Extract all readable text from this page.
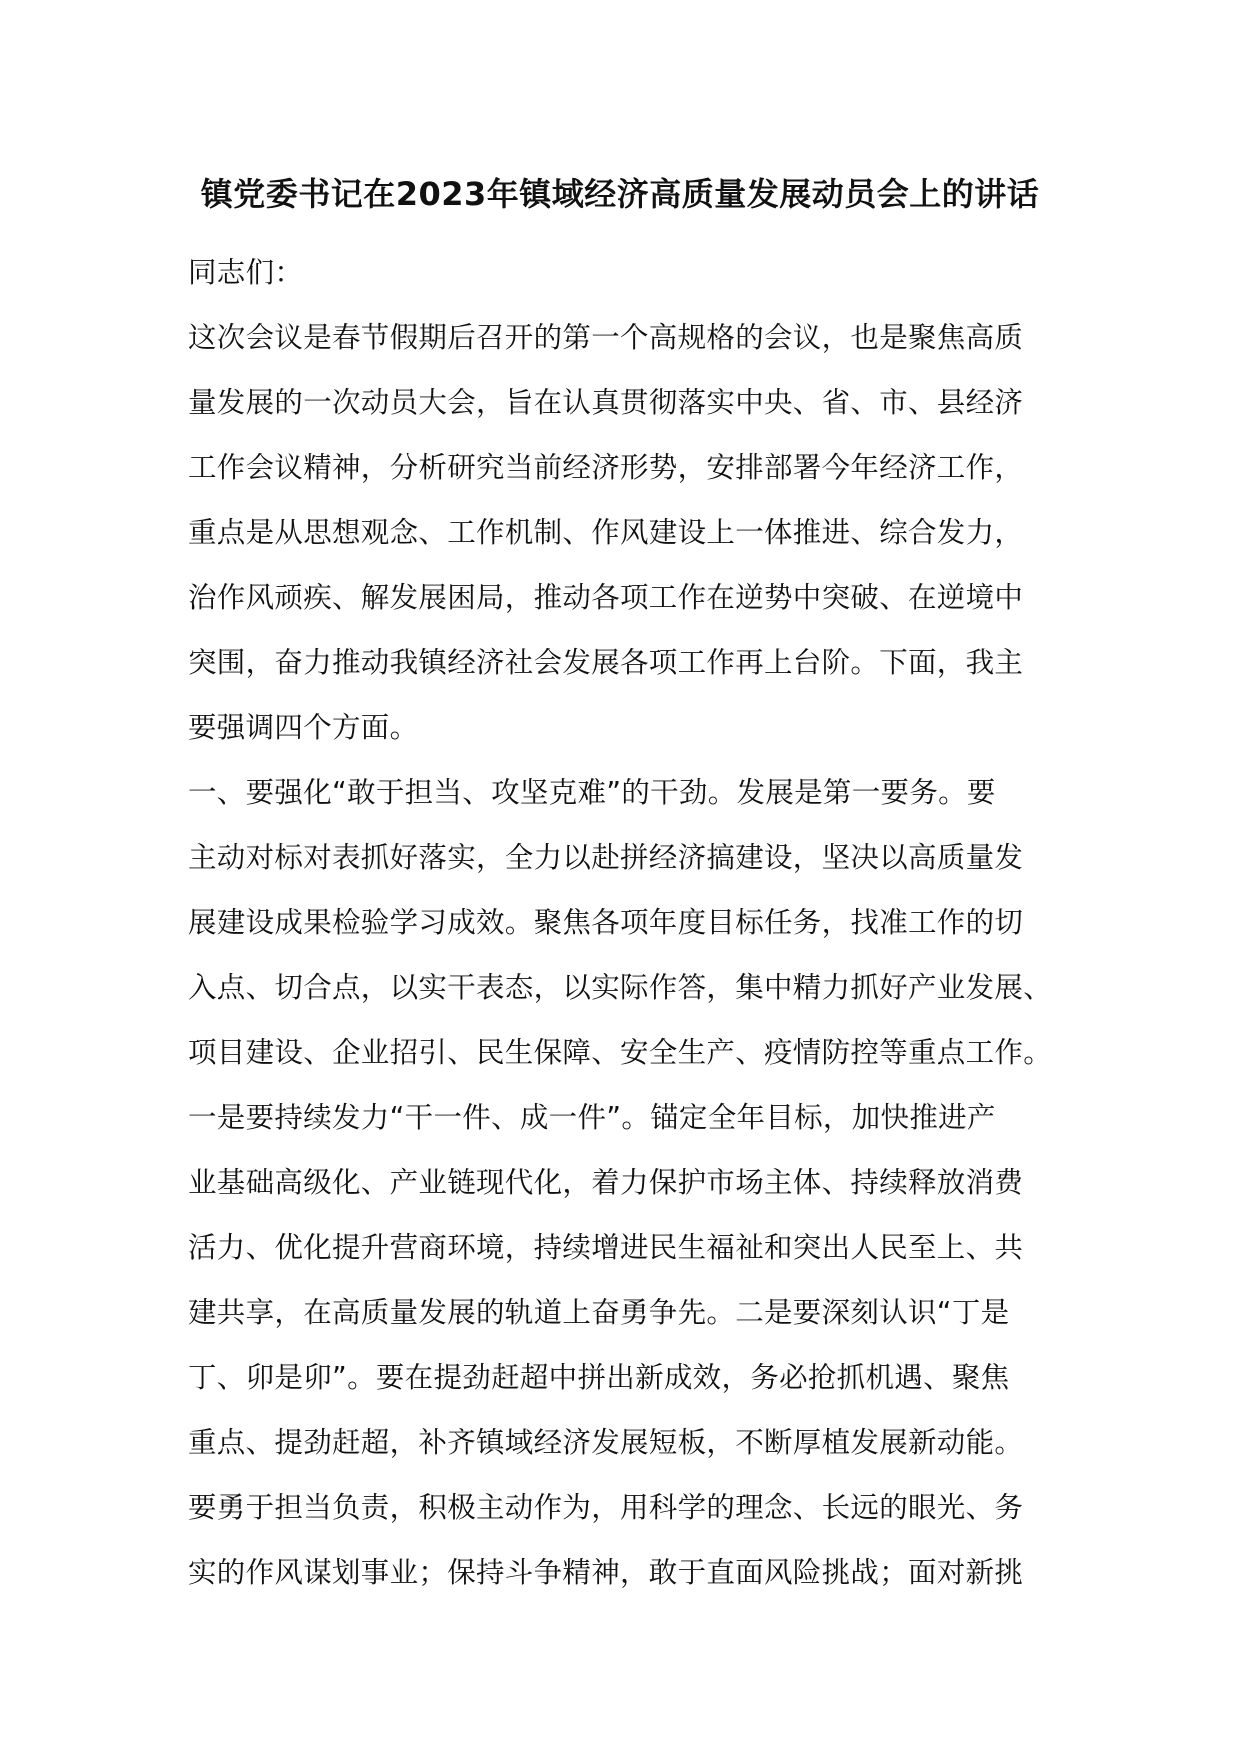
镇党委书记在2023年镇域经济高质量发展动员会上的讲话
同志们：
这次会议是春节假期后召开的第一个高规格的会议，也是聚焦高质
量发展的一次动员大会，旨在认真贯彻落实中央、省、市、县经济
工作会议精神，分析研究当前经济形势，安排部署今年经济工作，
重点是从思想观念、工作机制、作风建设上一体推进、综合发力，
治作风顽疾、解发展困局，推动各项工作在逆势中突破、在逆境中
突围，奋力推动我镇经济社会发展各项工作再上台阶。下面，我主
要强调四个方面。
一、要强化“敢于担当、攻坚克难”的干劲。发展是第一要务。要
主动对标对表抓好落实，全力以赴拼经济搞建设，坚决以高质量发
展建设成果检验学习成效。聚焦各项年度目标任务，找准工作的切
入点、切合点，以实干表态，以实际作答，集中精力抓好产业发展、
项目建设、企业招引、民生保障、安全生产、疫情防控等重点工作。
一是要持续发力“干一件、成一件”。锚定全年目标，加快推进产
业基础高级化、产业链现代化，着力保护市场主体、持续释放消费
活力、优化提升营商环境，持续增进民生福祉和突出人民至上、共
建共享，在高质量发展的轨道上奋勇争先。二是要深刻认识“丁是
丁、卯是卯”。要在提劲赶超中拼出新成效，务必抢抓机遇、聚焦
重点、提劲赶超，补齐镇域经济发展短板，不断厚植发展新动能。
要勇于担当负责，积极主动作为，用科学的理念、长远的眼光、务
实的作风谋划事业；保持斗争精神，敢于直面风险挑战；面对新挑
